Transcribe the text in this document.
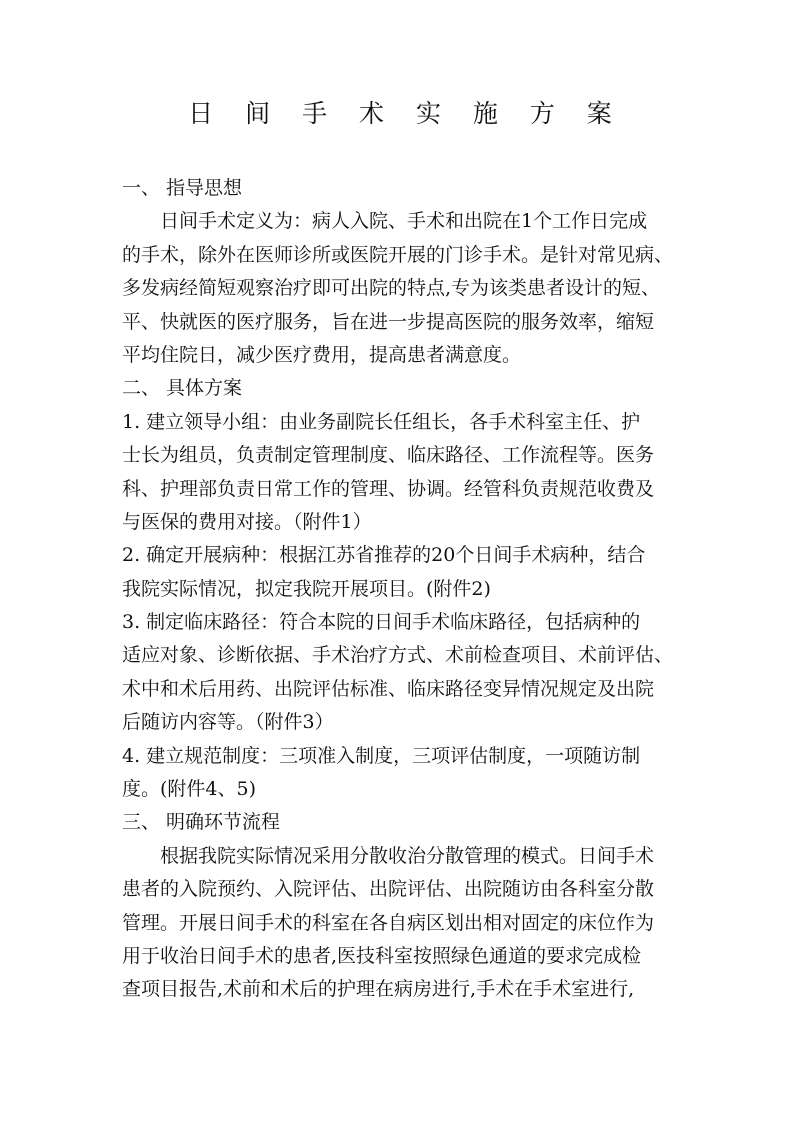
日 间 手 术 实 施 方 案
一、 指导思想
日间手术定义为：病人入院、手术和出院在1个工作日完成
的手术，除外在医师诊所或医院开展的门诊手术。是针对常见病、
多发病经简短观察治疗即可出院的特点,专为该类患者设计的短、
平、快就医的医疗服务，旨在进一步提高医院的服务效率，缩短
平均住院日，减少医疗费用，提高患者满意度。
二、 具体方案
1. 建立领导小组：由业务副院长任组长，各手术科室主任、护
士长为组员，负责制定管理制度、临床路径、工作流程等。医务
科、护理部负责日常工作的管理、协调。经管科负责规范收费及
与医保的费用对接。（附件1）
2. 确定开展病种：根据江苏省推荐的20个日间手术病种，结合
我院实际情况，拟定我院开展项目。(附件2)
3. 制定临床路径：符合本院的日间手术临床路径，包括病种的
适应对象、诊断依据、手术治疗方式、术前检查项目、术前评估、
术中和术后用药、出院评估标准、临床路径变异情况规定及出院
后随访内容等。（附件3）
4. 建立规范制度：三项准入制度，三项评估制度，一项随访制
度。(附件4、5)
三、 明确环节流程
根据我院实际情况采用分散收治分散管理的模式。日间手术
患者的入院预约、入院评估、出院评估、出院随访由各科室分散
管理。开展日间手术的科室在各自病区划出相对固定的床位作为
用于收治日间手术的患者,医技科室按照绿色通道的要求完成检
查项目报告,术前和术后的护理在病房进行,手术在手术室进行,
